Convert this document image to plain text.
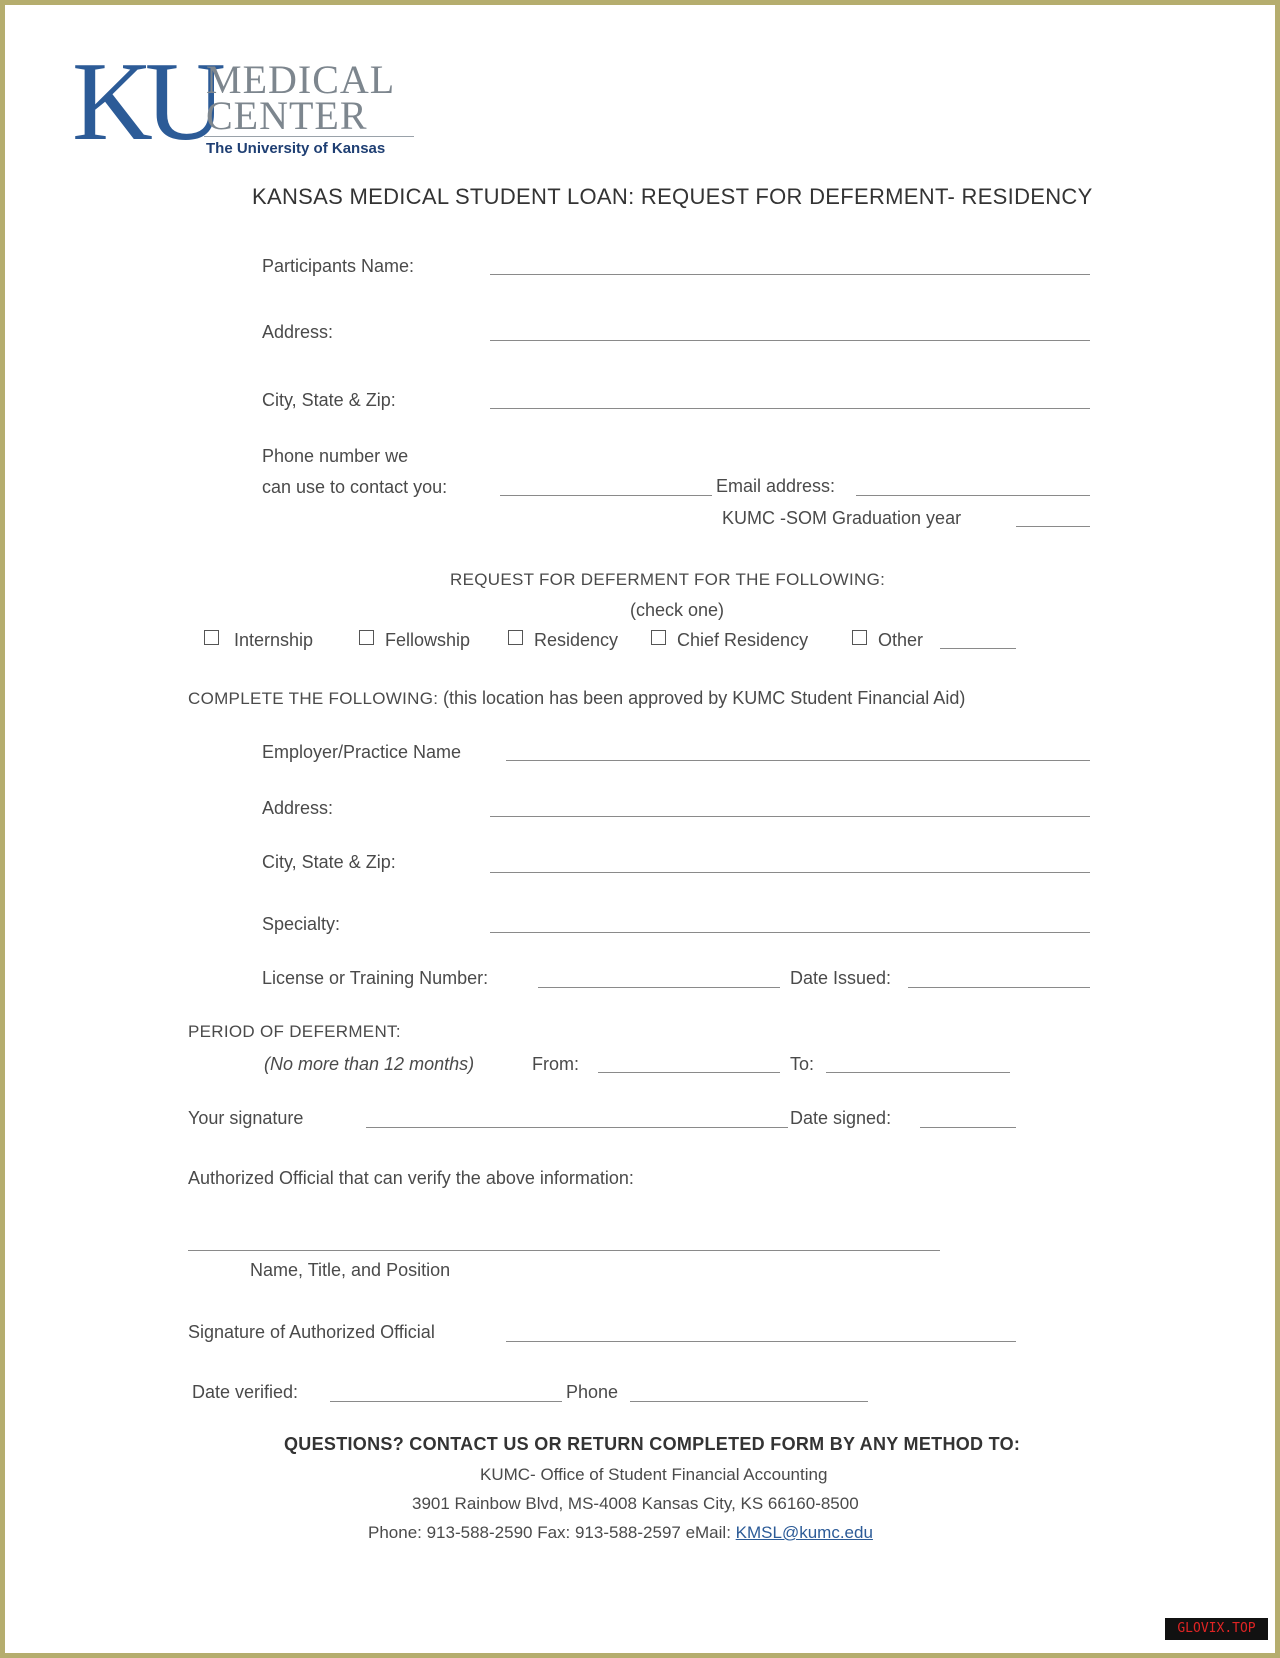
KU
MEDICAL
CENTER
The University of Kansas
KANSAS MEDICAL STUDENT LOAN: REQUEST FOR DEFERMENT- RESIDENCY
Participants Name:
Address:
City, State & Zip:
Phone number we
can use to contact you:	Email address:
KUMC -SOM Graduation year
REQUEST FOR DEFERMENT FOR THE FOLLOWING:
(check one)
Internship	Fellowship	Residency	Chief Residency	Other
COMPLETE THE FOLLOWING: (this location has been approved by KUMC Student Financial Aid)
Employer/Practice Name
Address:
City, State & Zip:
Specialty:
License or Training Number:	Date Issued:
PERIOD OF DEFERMENT:
(No more than 12 months)	From:	To:
Your signature	Date signed:
Authorized Official that can verify the above information:
Name, Title, and Position
Signature of Authorized Official
Date verified:	Phone
QUESTIONS? CONTACT US OR RETURN COMPLETED FORM BY ANY METHOD TO:
KUMC- Office of Student Financial Accounting
3901 Rainbow Blvd, MS-4008 Kansas City, KS 66160-8500
Phone: 913-588-2590 Fax: 913-588-2597 eMail: KMSL@kumc.edu
GLOVIX.TOP
